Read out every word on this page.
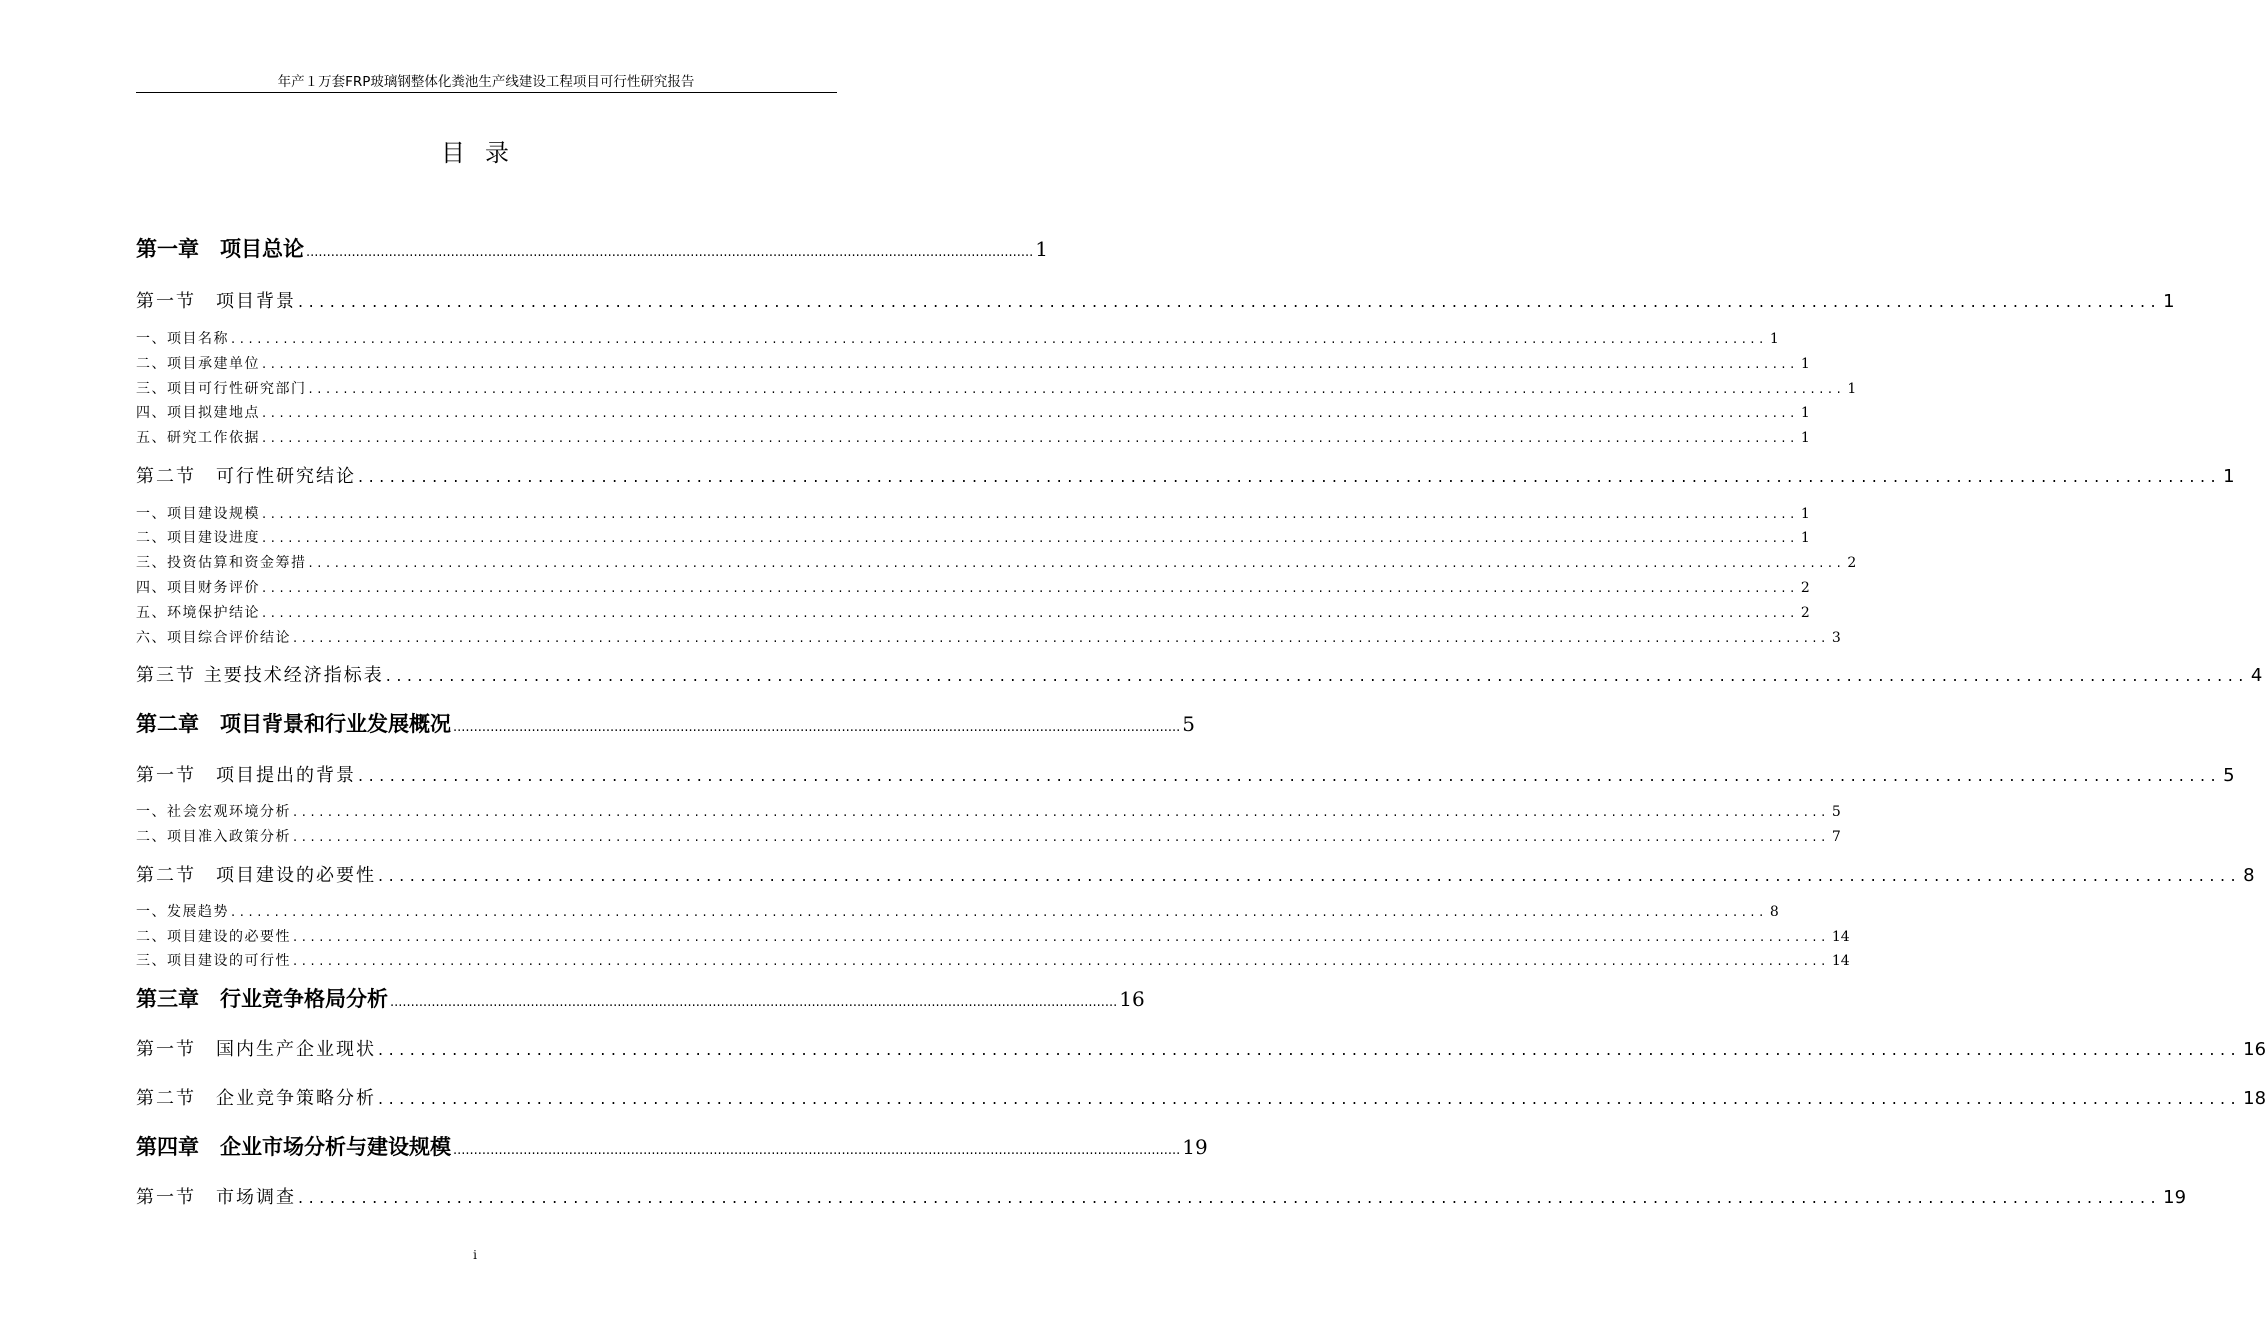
年产１万套FRP玻璃钢整体化粪池生产线建设工程项目可行性研究报告
目录
第一章　项目总论 ................................................................................................................................................................................ 1
第一节　项目背景 ................................................................................................................................................................................ 1
一、项目名称 ................................................................................................................................................................................ 1
二、项目承建单位 ................................................................................................................................................................................ 1
三、项目可行性研究部门 ................................................................................................................................................................................ 1
四、项目拟建地点 ................................................................................................................................................................................ 1
五、研究工作依据 ................................................................................................................................................................................ 1
第二节　可行性研究结论 ................................................................................................................................................................................ 1
一、项目建设规模 ................................................................................................................................................................................ 1
二、项目建设进度 ................................................................................................................................................................................ 1
三、投资估算和资金筹措 ................................................................................................................................................................................ 2
四、项目财务评价 ................................................................................................................................................................................ 2
五、环境保护结论 ................................................................................................................................................................................ 2
六、项目综合评价结论 ................................................................................................................................................................................ 3
第三节 主要技术经济指标表 ................................................................................................................................................................................ 4
第二章　项目背景和行业发展概况 ................................................................................................................................................................................ 5
第一节　项目提出的背景 ................................................................................................................................................................................ 5
一、社会宏观环境分析 ................................................................................................................................................................................ 5
二、项目准入政策分析 ................................................................................................................................................................................ 7
第二节　项目建设的必要性 ................................................................................................................................................................................ 8
一、发展趋势 ................................................................................................................................................................................ 8
二、项目建设的必要性 ................................................................................................................................................................................ 14
三、项目建设的可行性 ................................................................................................................................................................................ 14
第三章　行业竞争格局分析 ................................................................................................................................................................................ 16
第一节　国内生产企业现状 ................................................................................................................................................................................ 16
第二节　企业竞争策略分析 ................................................................................................................................................................................ 18
第四章　企业市场分析与建设规模 ................................................................................................................................................................................ 19
第一节　市场调查 ................................................................................................................................................................................ 19
i
